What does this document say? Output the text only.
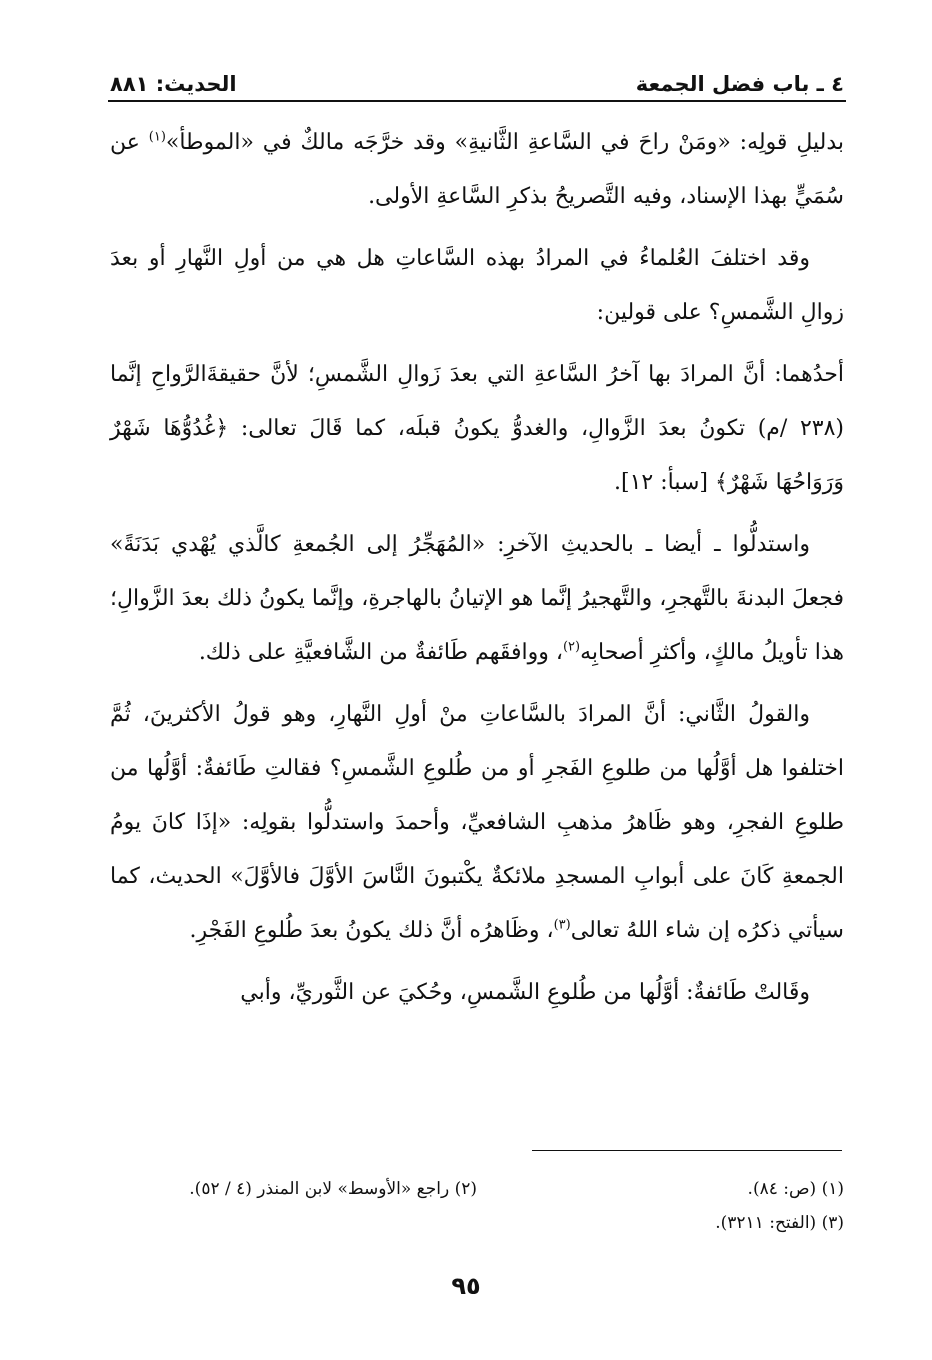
٤ ـ باب فضل الجمعة
الحديث: ٨٨١

بدليلِ قولِه: «ومَنْ راحَ في السَّاعةِ الثَّانيةِ» وقد خرَّجَه مالكٌ في «الموطأ»$^{(١)}$ عن سُمَيٍّ بهذا الإسناد، وفيه التَّصريحُ بذكرِ السَّاعةِ الأولى.

وقد اختلفَ العُلماءُ في المرادُ بهذه السَّاعاتِ هل هي من أولِ النَّهارِ أو بعدَ زوالِ الشَّمسِ؟ على قولين:

أحدُهما: أنَّ المرادَ بها آخرُ السَّاعةِ التي بعدَ زَوالِ الشَّمسِ؛ لأنَّ حقيقةَالرَّواحِ إنَّما (٢٣٨ /م) تكونُ بعدَ الزَّوالِ، والغدوُّ يكونُ قبلَه، كما قَالَ تعالى: ﴿غُدُوُّهَا شَهْرٌ وَرَوَاحُهَا شَهْرٌ﴾ [سبأ: ١٢].

واستدلُّوا ـ أيضا ـ بالحديثِ الآخرِ: «المُهَجِّرُ إلى الجُمعةِ كالَّذي يُهْدي بَدَنَةً» فجعلَ البدنةَ بالتَّهجرِ، والتَّهجيرُ إنَّما هو الإتيانُ بالهاجرةِ، وإنَّما يكونُ ذلك بعدَ الزَّوالِ؛ هذا تأويلُ مالكٍ، وأكثرِ أصحابِه$^{(٢)}$، ووافقَهم طَائفةٌ من الشَّافعيَّةِ على ذلك.

والقولُ الثَّاني: أنَّ المرادَ بالسَّاعاتِ منْ أولِ النَّهارِ، وهو قولُ الأكثرينَ، ثُمَّ اختلفوا هل أوَّلُها من طلوعِ الفَجرِ أو من طُلوعِ الشَّمسِ؟ فقالتِ طَائفةٌ: أوَّلُها من طلوعِ الفجرِ، وهو ظَاهرُ مذهبِ الشافعيِّ، وأحمدَ واستدلُّوا بقولِه: «إذَا كانَ يومُ الجمعةِ كَانَ على أبوابِ المسجدِ ملائكةٌ يكْتبونَ النَّاسَ الأوَّلَ فالأوَّلَ» الحديث، كما سيأتي ذكرُه إن شاء اللهُ تعالى$^{(٣)}$، وظَاهرُه أنَّ ذلك يكونُ بعدَ طُلوعِ الفَجْرِ.

وقَالتْ طَائفةٌ: أوَّلُها من طُلوعِ الشَّمسِ، وحُكيَ عن الثَّوريِّ، وأبي

(١) (ص: ٨٤).
(٢) راجع «الأوسط» لابن المنذر (٤ / ٥٢).
(٣) (الفتح: ٣٢١١).
٩٥
